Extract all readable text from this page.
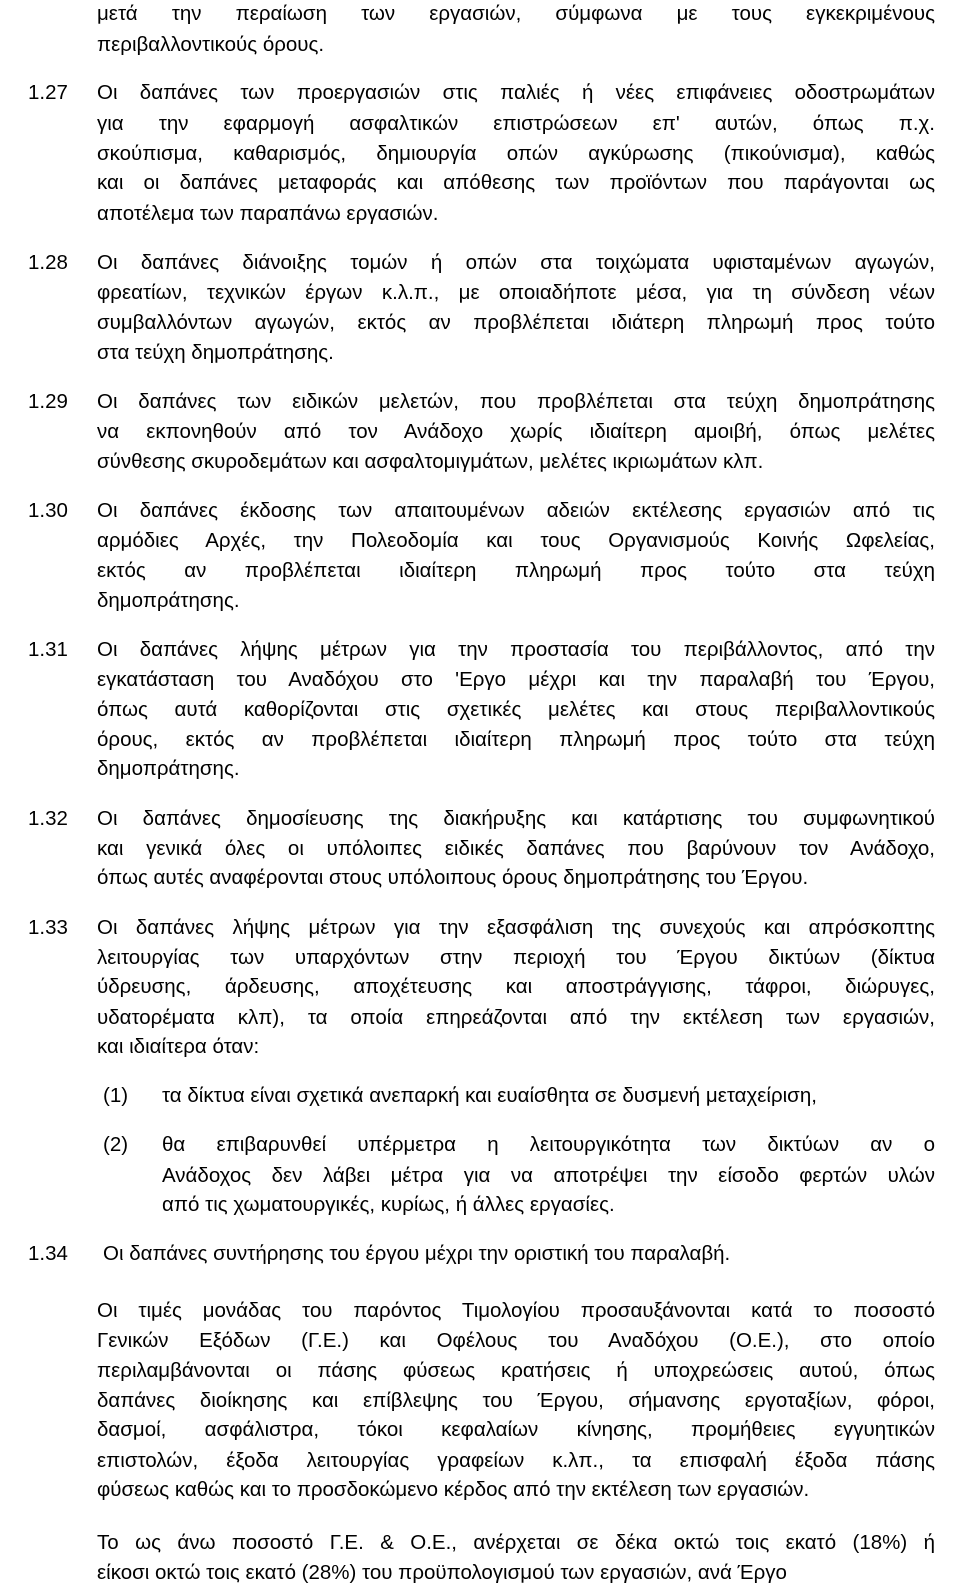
μετά την περαίωση των εργασιών, σύμφωνα με τους εγκεκριμένους
περιβαλλοντικούς όρους.
1.27 Οι δαπάνες των προεργασιών στις παλιές ή νέες επιφάνειες οδοστρωμάτων
για την εφαρμογή ασφαλτικών επιστρώσεων επ' αυτών, όπως π.χ.
σκούπισμα, καθαρισμός, δημιουργία οπών αγκύρωσης (πικούνισμα), καθώς
και οι δαπάνες μεταφοράς και απόθεσης των προϊόντων που παράγονται ως
αποτέλεμα των παραπάνω εργασιών.
1.28 Οι δαπάνες διάνοιξης τομών ή οπών στα τοιχώματα υφισταμένων αγωγών,
φρεατίων, τεχνικών έργων κ.λ.π., με οποιαδήποτε μέσα, για τη σύνδεση νέων
συμβαλλόντων αγωγών, εκτός αν προβλέπεται ιδιάτερη πληρωμή προς τούτο
στα τεύχη δημοπράτησης.
1.29 Οι δαπάνες των ειδικών μελετών, που προβλέπεται στα τεύχη δημοπράτησης
να εκπονηθούν από τον Ανάδοχο χωρίς ιδιαίτερη αμοιβή, όπως μελέτες
σύνθεσης σκυροδεμάτων και ασφαλτομιγμάτων, μελέτες ικριωμάτων κλπ.
1.30 Οι δαπάνες έκδοσης των απαιτουμένων αδειών εκτέλεσης εργασιών από τις
αρμόδιες Αρχές, την Πολεοδομία και τους Οργανισμούς Κοινής Ωφελείας,
εκτός αν προβλέπεται ιδιαίτερη πληρωμή προς τούτο στα τεύχη
δημοπράτησης.
1.31 Οι δαπάνες λήψης μέτρων για την προστασία του περιβάλλοντος, από την
εγκατάσταση του Αναδόχου στο 'Εργο μέχρι και την παραλαβή του Έργου,
όπως αυτά καθορίζονται στις σχετικές μελέτες και στους περιβαλλοντικούς
όρους, εκτός αν προβλέπεται ιδιαίτερη πληρωμή προς τούτο στα τεύχη
δημοπράτησης.
1.32 Οι δαπάνες δημοσίευσης της διακήρυξης και κατάρτισης του συμφωνητικού
και γενικά όλες οι υπόλοιπες ειδικές δαπάνες που βαρύνουν τον Ανάδοχο,
όπως αυτές αναφέρονται στους υπόλοιπους όρους δημοπράτησης του Έργου.
1.33 Οι δαπάνες λήψης μέτρων για την εξασφάλιση της συνεχούς και απρόσκοπτης
λειτουργίας των υπαρχόντων στην περιοχή του Έργου δικτύων (δίκτυα
ύδρευσης, άρδευσης, αποχέτευσης και αποστράγγισης, τάφροι, διώρυγες,
υδατορέματα κλπ), τα οποία επηρεάζονται από την εκτέλεση των εργασιών,
και ιδιαίτερα όταν:
(1) τα δίκτυα είναι σχετικά ανεπαρκή και ευαίσθητα σε δυσμενή μεταχείριση,
(2) θα επιβαρυνθεί υπέρμετρα η λειτουργικότητα των δικτύων αν ο
Ανάδοχος δεν λάβει μέτρα για να αποτρέψει την είσοδο φερτών υλών
από τις χωματουργικές, κυρίως, ή άλλες εργασίες.
1.34 Οι δαπάνες συντήρησης του έργου μέχρι την οριστική του παραλαβή.
Οι τιμές μονάδας του παρόντος Τιμολογίου προσαυξάνονται κατά το ποσοστό
Γενικών Εξόδων (Γ.Ε.) και Οφέλους του Αναδόχου (Ο.Ε.), στο οποίο
περιλαμβάνονται οι πάσης φύσεως κρατήσεις ή υποχρεώσεις αυτού, όπως
δαπάνες διοίκησης και επίβλεψης του Έργου, σήμανσης εργοταξίων, φόροι,
δασμοί, ασφάλιστρα, τόκοι κεφαλαίων κίνησης, προμήθειες εγγυητικών
επιστολών, έξοδα λειτουργίας γραφείων κ.λπ., τα επισφαλή έξοδα πάσης
φύσεως καθώς και το προσδοκώμενο κέρδος από την εκτέλεση των εργασιών.
Το ως άνω ποσοστό Γ.Ε. & Ο.Ε., ανέρχεται σε δέκα οκτώ τοις εκατό (18%) ή
είκοσι οκτώ τοις εκατό (28%) του προϋπολογισμού των εργασιών, ανά Έργο
